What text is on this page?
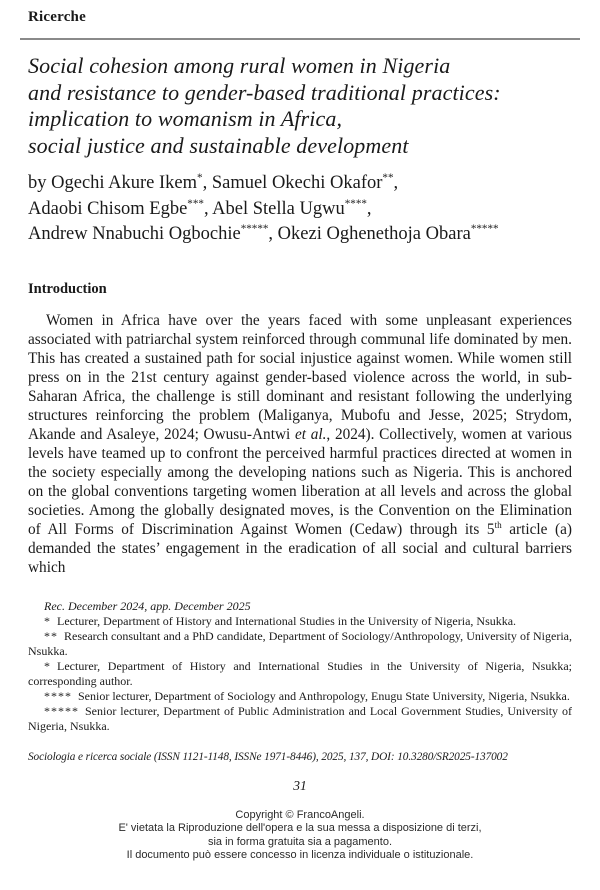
Ricerche
Social cohesion among rural women in Nigeria
and resistance to gender-based traditional practices:
implication to womanism in Africa,
social justice and sustainable development
by Ogechi Akure Ikem*, Samuel Okechi Okafor**,
Adaobi Chisom Egbe***, Abel Stella Ugwu****,
Andrew Nnabuchi Ogbochie*****, Okezi Oghenethoja Obara*****
Introduction

Women in Africa have over the years faced with some unpleasant experiences associated with patriarchal system reinforced through communal life dominated by men. This has created a sustained path for social injustice against women. While women still press on in the 21st century against gender-based violence across the world, in sub-Saharan Africa, the challenge is still dominant and resistant following the underlying structures reinforcing the problem (Maliganya, Mubofu and Jesse, 2025; Strydom, Akande and Asaleye, 2024; Owusu-Antwi et al., 2024). Collectively, women at various levels have teamed up to confront the perceived harmful practices directed at women in the society especially among the developing nations such as Nigeria. This is anchored on the global conventions targeting women liberation at all levels and across the global societies. Among the globally designated moves, is the Convention on the Elimination of All Forms of Discrimination Against Women (Cedaw) through its 5th article (a) demanded the states’ engagement in the eradication of all social and cultural barriers which

Rec. December 2024, app. December 2025

* Lecturer, Department of History and International Studies in the University of Nigeria, Nsukka.

** Research consultant and a PhD candidate, Department of Sociology/Anthropology, University of Nigeria, Nsukka.

* Lecturer, Department of History and International Studies in the University of Nigeria, Nsukka; corresponding author.

**** Senior lecturer, Department of Sociology and Anthropology, Enugu State University, Nigeria, Nsukka.

***** Senior lecturer, Department of Public Administration and Local Government Studies, University of Nigeria, Nsukka.

Sociologia e ricerca sociale (ISSN 1121-1148, ISSNe 1971-8446), 2025, 137, DOI: 10.3280/SR2025-137002
31
Copyright © FrancoAngeli.
E' vietata la Riproduzione dell'opera e la sua messa a disposizione di terzi,
sia in forma gratuita sia a pagamento.
Il documento può essere concesso in licenza individuale o istituzionale.
